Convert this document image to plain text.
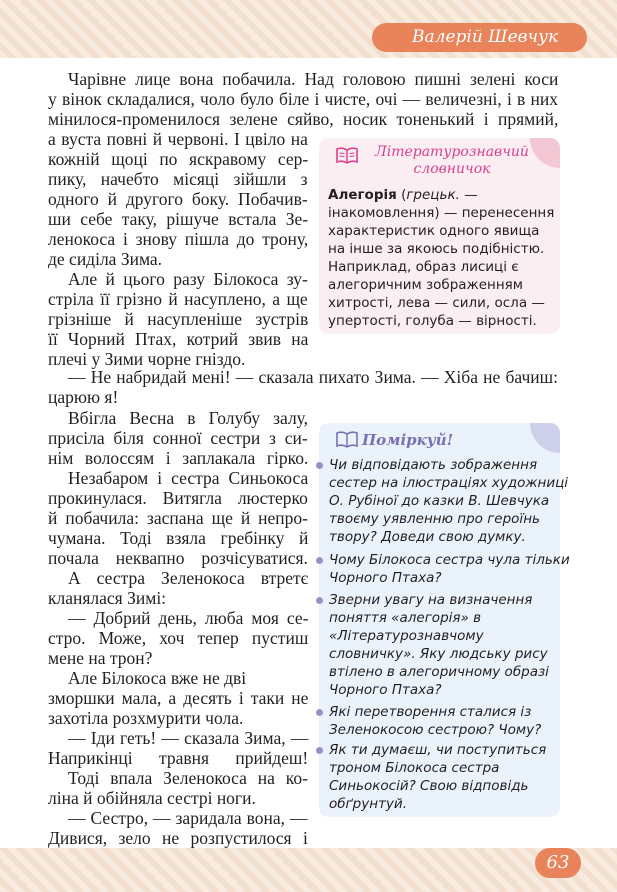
Валерій Шевчук
Чарівне лице вона побачила. Над головою пишні зелені коси
у вінок складалися, чоло було біле і чисте, очі — величезні, і в них
мінилося-променилося зелене сяйво, носик тоненький і прямий,
а вуста повні й червоні. І цвіло на
кожній щоці по яскравому сер-
пику, начебто місяці зійшли з
одного й другого боку. Побачив-
ши себе таку, рішуче встала Зе-
ленокоса і знову пішла до трону,
де сиділа Зима.
Але й цього разу Білокоса зу-
стріла її грізно й насуплено, а ще
грізніше й насупленіше зустрів
її Чорний Птах, котрий звив на
плечі у Зими чорне гніздо.
— Не набридай мені! — сказала пихато Зима. — Хіба не бачиш:
царюю я!
Вбігла Весна в Голубу залу,
присіла біля сонної сестри з си-
нім волоссям і заплакала гірко.
Незабаром і сестра Синьокоса
прокинулася. Витягла люстерко
й побачила: заспана ще й непро-
чумана. Тоді взяла гребінку й
почала неквапно розчісуватися.
А сестра Зеленокоса втретє
кланялася Зимі:
— Добрий день, люба моя се-
стро. Може, хоч тепер пустиш
мене на трон?
Але Білокоса вже не дві
зморшки мала, а десять і таки не
захотіла розхмурити чола.
— Іди геть! — сказала Зима, —
Наприкінці травня прийдеш!
Тоді впала Зеленокоса на ко-
ліна й обійняла сестрі ноги.
— Сестро, — заридала вона, —
Дивися, зело не розпустилося і
Літературознавчий
словничок
Алегорія (грецьк. —
інакомовлення) — перенесення
характеристик одного явища
на інше за якоюсь подібністю.
Наприклад, образ лисиці є
алегоричним зображенням
хитрості, лева — сили, осла —
упертості, голуба — вірності.
Поміркуй!
Чи відповідають зображення
сестер на ілюстраціях художниці
О. Рубіної до казки В. Шевчука
твоєму уявленню про героїнь
твору? Доведи свою думку.
Чому Білокоса сестра чула тільки
Чорного Птаха?
Зверни увагу на визначення
поняття «алегорія» в
«Літературознавчому
словничку». Яку людську рису
втілено в алегоричному образі
Чорного Птаха?
Які перетворення сталися із
Зеленокосою сестрою? Чому?
Як ти думаєш, чи поступиться
троном Білокоса сестра
Синьокосій? Свою відповідь
обґрунтуй.
63
